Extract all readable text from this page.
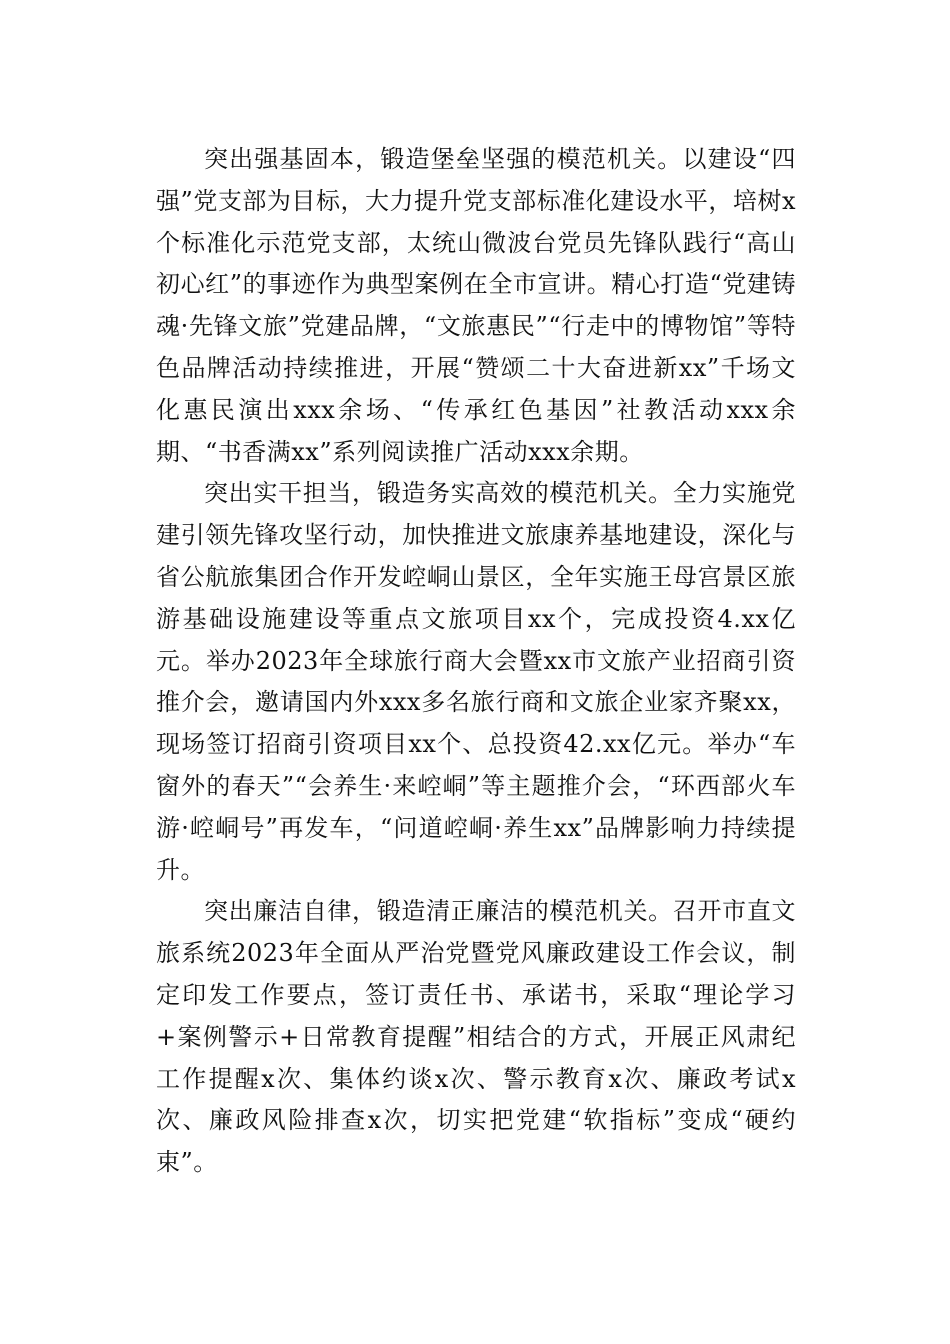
突出强基固本，锻造堡垒坚强的模范机关。以建设“四强”党支部为目标，大力提升党支部标准化建设水平，培树x个标准化示范党支部，太统山微波台党员先锋队践行“高山初心红”的事迹作为典型案例在全市宣讲。精心打造“党建铸魂·先锋文旅”党建品牌，“文旅惠民”“行走中的博物馆”等特色品牌活动持续推进，开展“赞颂二十大奋进新xx”千场文化惠民演出xxx余场、“传承红色基因”社教活动xxx余期、“书香满xx”系列阅读推广活动xxx余期。

突出实干担当，锻造务实高效的模范机关。全力实施党建引领先锋攻坚行动，加快推进文旅康养基地建设，深化与省公航旅集团合作开发崆峒山景区，全年实施王母宫景区旅游基础设施建设等重点文旅项目xx个，完成投资4.xx亿元。举办2023年全球旅行商大会暨xx市文旅产业招商引资推介会，邀请国内外xxx多名旅行商和文旅企业家齐聚xx，现场签订招商引资项目xx个、总投资42.xx亿元。举办“车窗外的春天”“会养生·来崆峒”等主题推介会，“环西部火车游·崆峒号”再发车，“问道崆峒·养生xx”品牌影响力持续提升。

突出廉洁自律，锻造清正廉洁的模范机关。召开市直文旅系统2023年全面从严治党暨党风廉政建设工作会议，制定印发工作要点，签订责任书、承诺书，采取“理论学习+案例警示+日常教育提醒”相结合的方式，开展正风肃纪工作提醒x次、集体约谈x次、警示教育x次、廉政考试x次、廉政风险排查x次，切实把党建“软指标”变成“硬约束”。
